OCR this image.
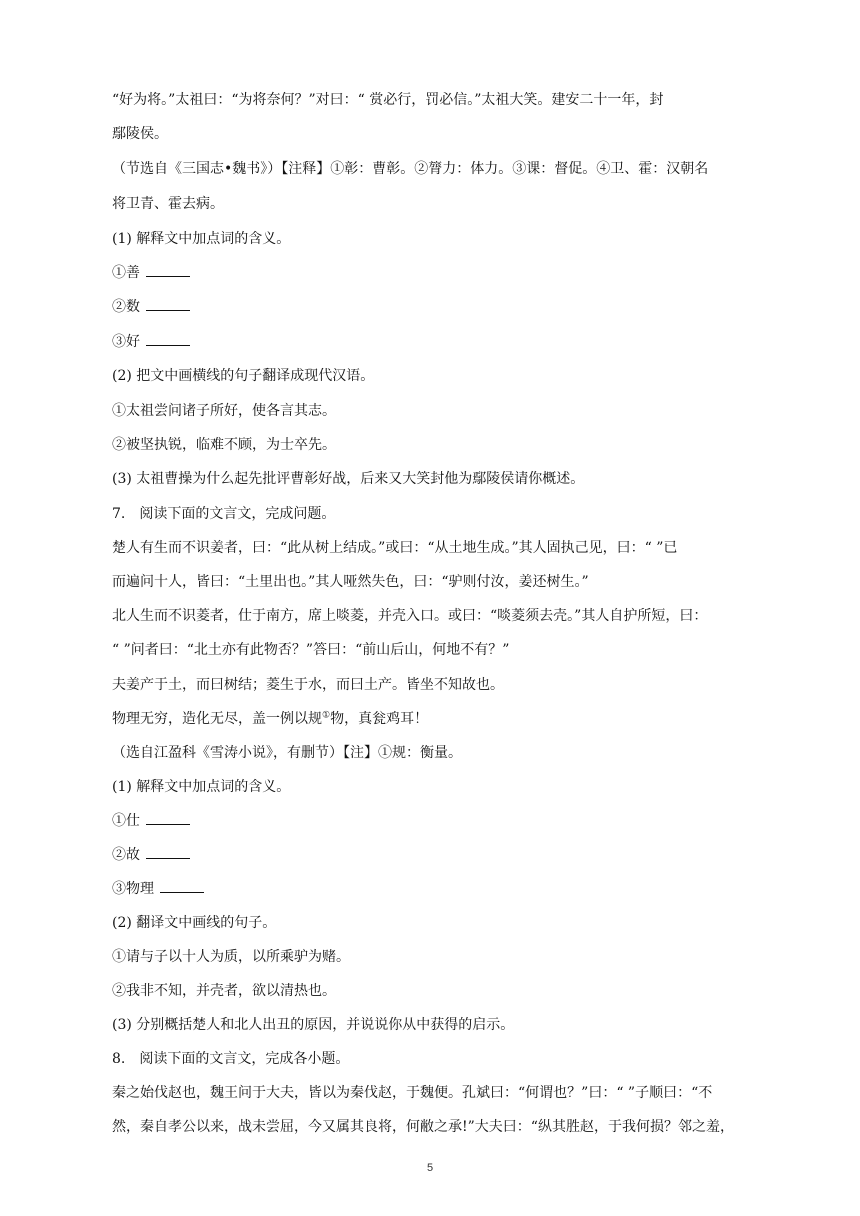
“好为将。”太祖曰：“为将奈何？”对曰：“ 赏必行，罚必信。”太祖大笑。建安二十一年，封
鄢陵侯。
（节选自《三国志•魏书》）【注释】①彰：曹彰。②膂力：体力。③课：督促。④卫、霍：汉朝名
将卫青、霍去病。
(1) 解释文中加点词的含义。
①善
②数
③好
(2) 把文中画横线的句子翻译成现代汉语。
①太祖尝问诸子所好，使各言其志。
②被坚执锐，临难不顾，为士卒先。
(3) 太祖曹操为什么起先批评曹彰好战，后来又大笑封他为鄢陵侯请你概述。
7.　阅读下面的文言文，完成问题。
楚人有生而不识姜者，曰：“此从树上结成。”或曰：“从土地生成。”其人固执己见，曰：“ ”已
而遍问十人，皆曰：“土里出也。”其人哑然失色，曰：“驴则付汝，姜还树生。”
北人生而不识菱者，仕于南方，席上啖菱，并壳入口。或曰：“啖菱须去壳。”其人自护所短，曰：
“ ”问者曰：“北土亦有此物否？”答曰：“前山后山，何地不有？”
夫姜产于土，而曰树结；菱生于水，而曰土产。皆坐不知故也。
物理无穷，造化无尽，盖一例以规①物，真瓮鸡耳！
（选自江盈科《雪涛小说》，有删节）【注】①规：衡量。
(1) 解释文中加点词的含义。
①仕
②故
③物理
(2) 翻译文中画线的句子。
①请与子以十人为质，以所乘驴为赌。
②我非不知，并壳者，欲以清热也。
(3) 分别概括楚人和北人出丑的原因，并说说你从中获得的启示。
8.　阅读下面的文言文，完成各小题。
秦之始伐赵也，魏王问于大夫，皆以为秦伐赵，于魏便。孔斌曰：“何谓也？”曰：“ ”子顺曰：“不
然，秦自孝公以来，战未尝屈，今又属其良将，何敝之承!”大夫曰：“纵其胜赵，于我何损？邻之羞，
5
